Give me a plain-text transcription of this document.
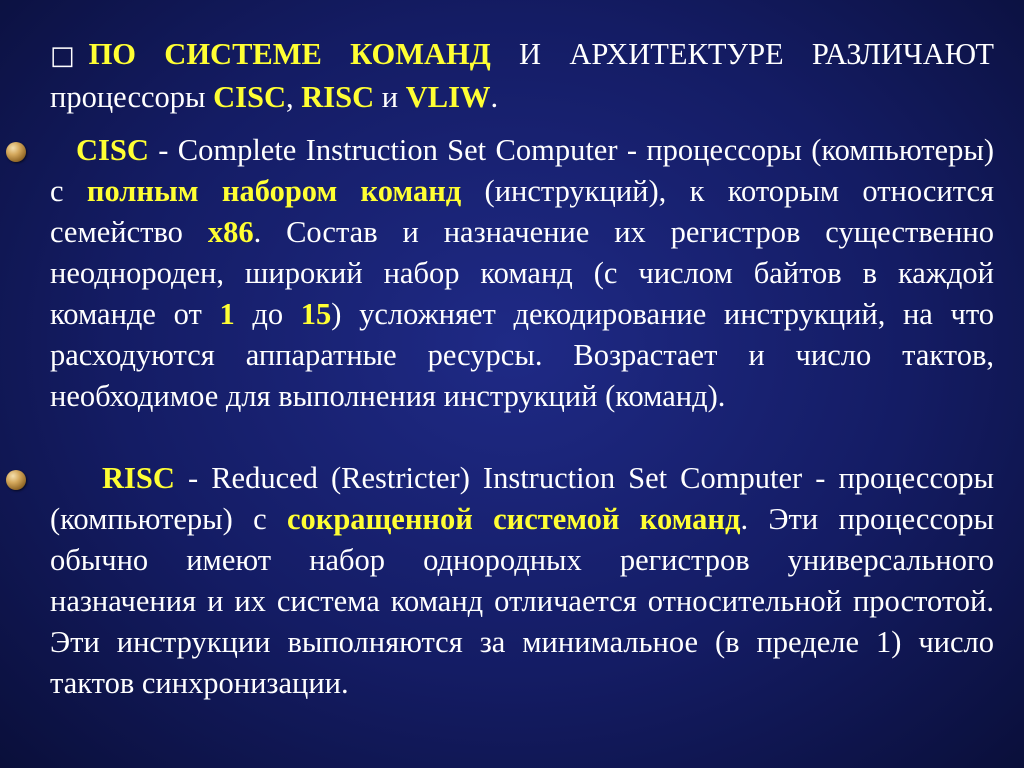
□ ПО СИСТЕМЕ КОМАНД И АРХИТЕКТУРЕ РАЗЛИЧАЮТ процессоры CISC, RISC и VLIW.
CISC - Complete Instruction Set Computer - процессоры (компьютеры) с полным набором команд (инструкций), к которым относится семейство x86. Состав и назначение их регистров существенно неоднороден, широкий набор команд (с числом байтов в каждой команде от 1 до 15) усложняет декодирование инструкций, на что расходуются аппаратные ресурсы. Возрастает и число тактов, необходимое для выполнения инструкций (команд).
RISC - Reduced (Restricter) Instruction Set Computer - процессоры (компьютеры) с сокращенной системой команд. Эти процессоры обычно имеют набор однородных регистров универсального назначения и их система команд отличается относительной простотой. Эти инструкции выполняются за минимальное (в пределе 1) число тактов синхронизации.
